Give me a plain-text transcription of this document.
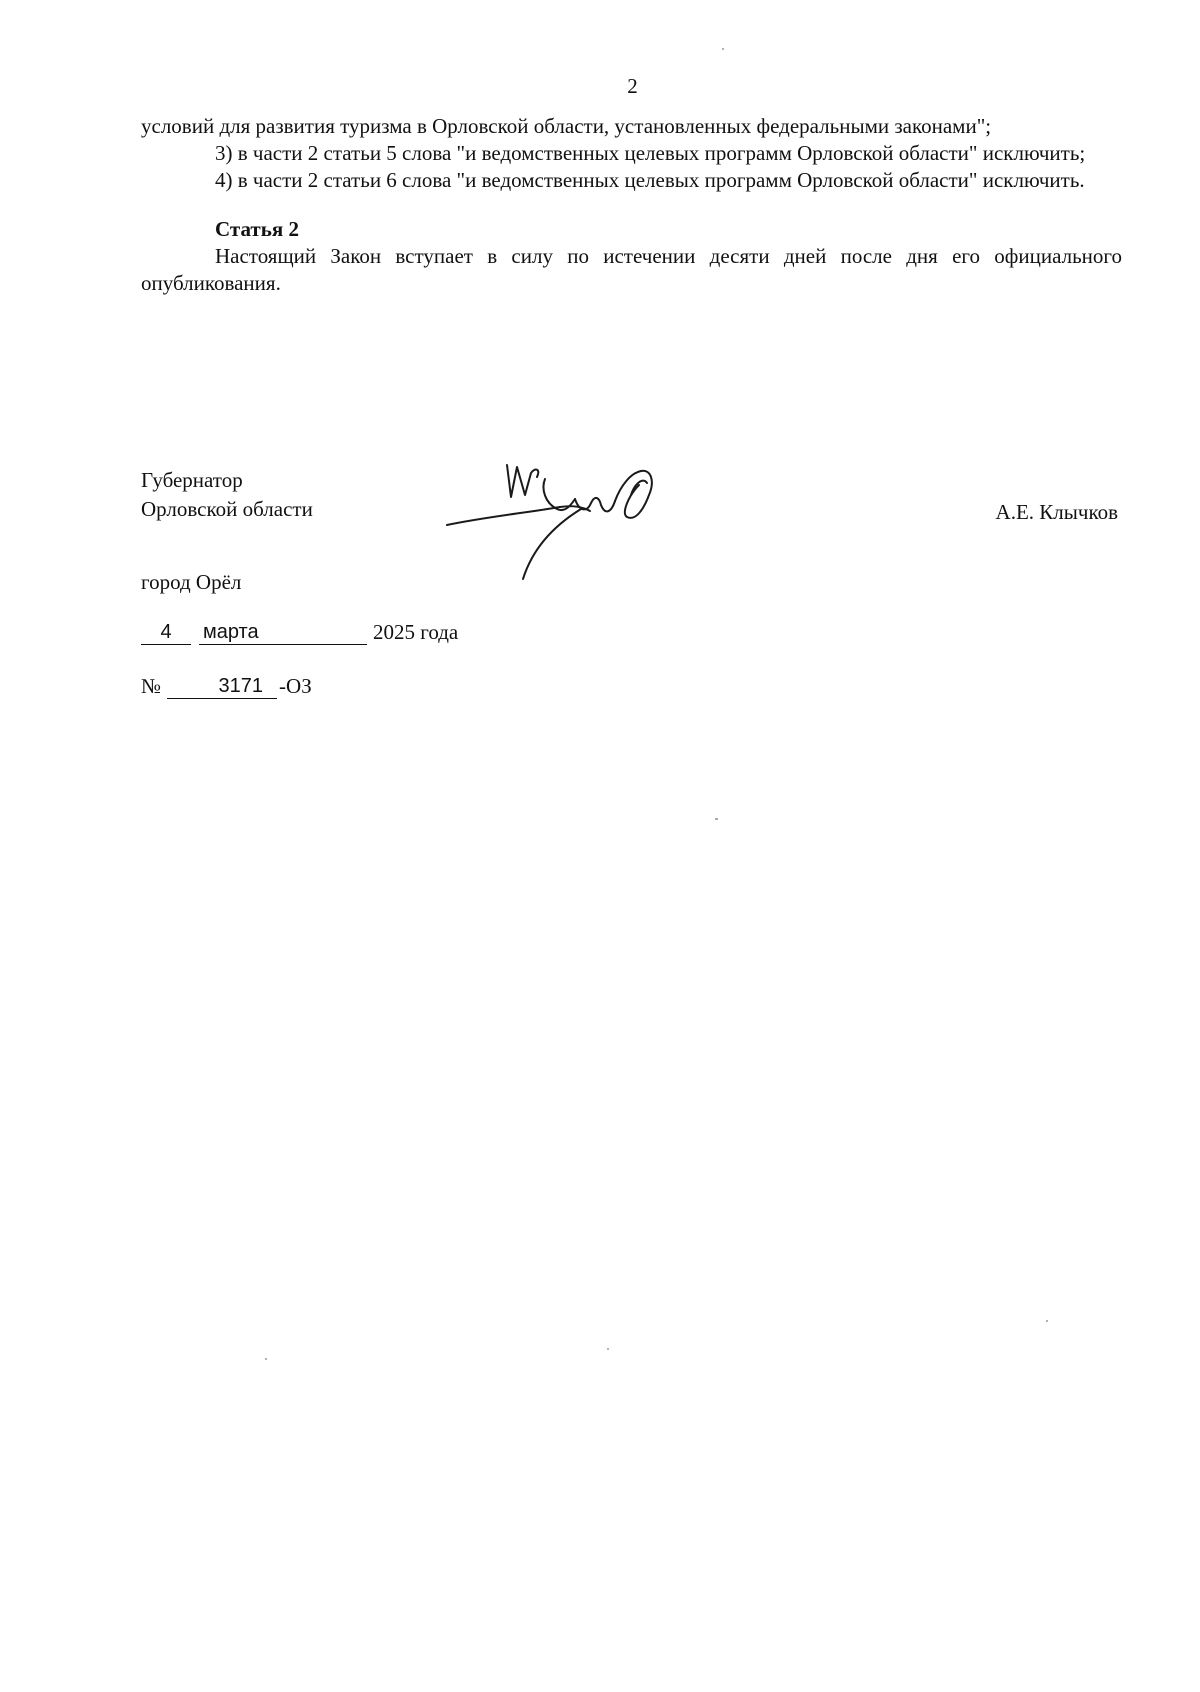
2

условий для развития туризма в Орловской области, установленных федеральными законами";

3) в части 2 статьи 5 слова "и ведомственных целевых программ Орловской области" исключить;

4) в части 2 статьи 6 слова "и ведомственных целевых программ Орловской области" исключить.

Статья 2

Настоящий Закон вступает в силу по истечении десяти дней после дня его официального опубликования.

Губернатор
Орловской области	А.Е. Клычков
город Орёл
4	марта	2025 года
№	3171 -ОЗ
